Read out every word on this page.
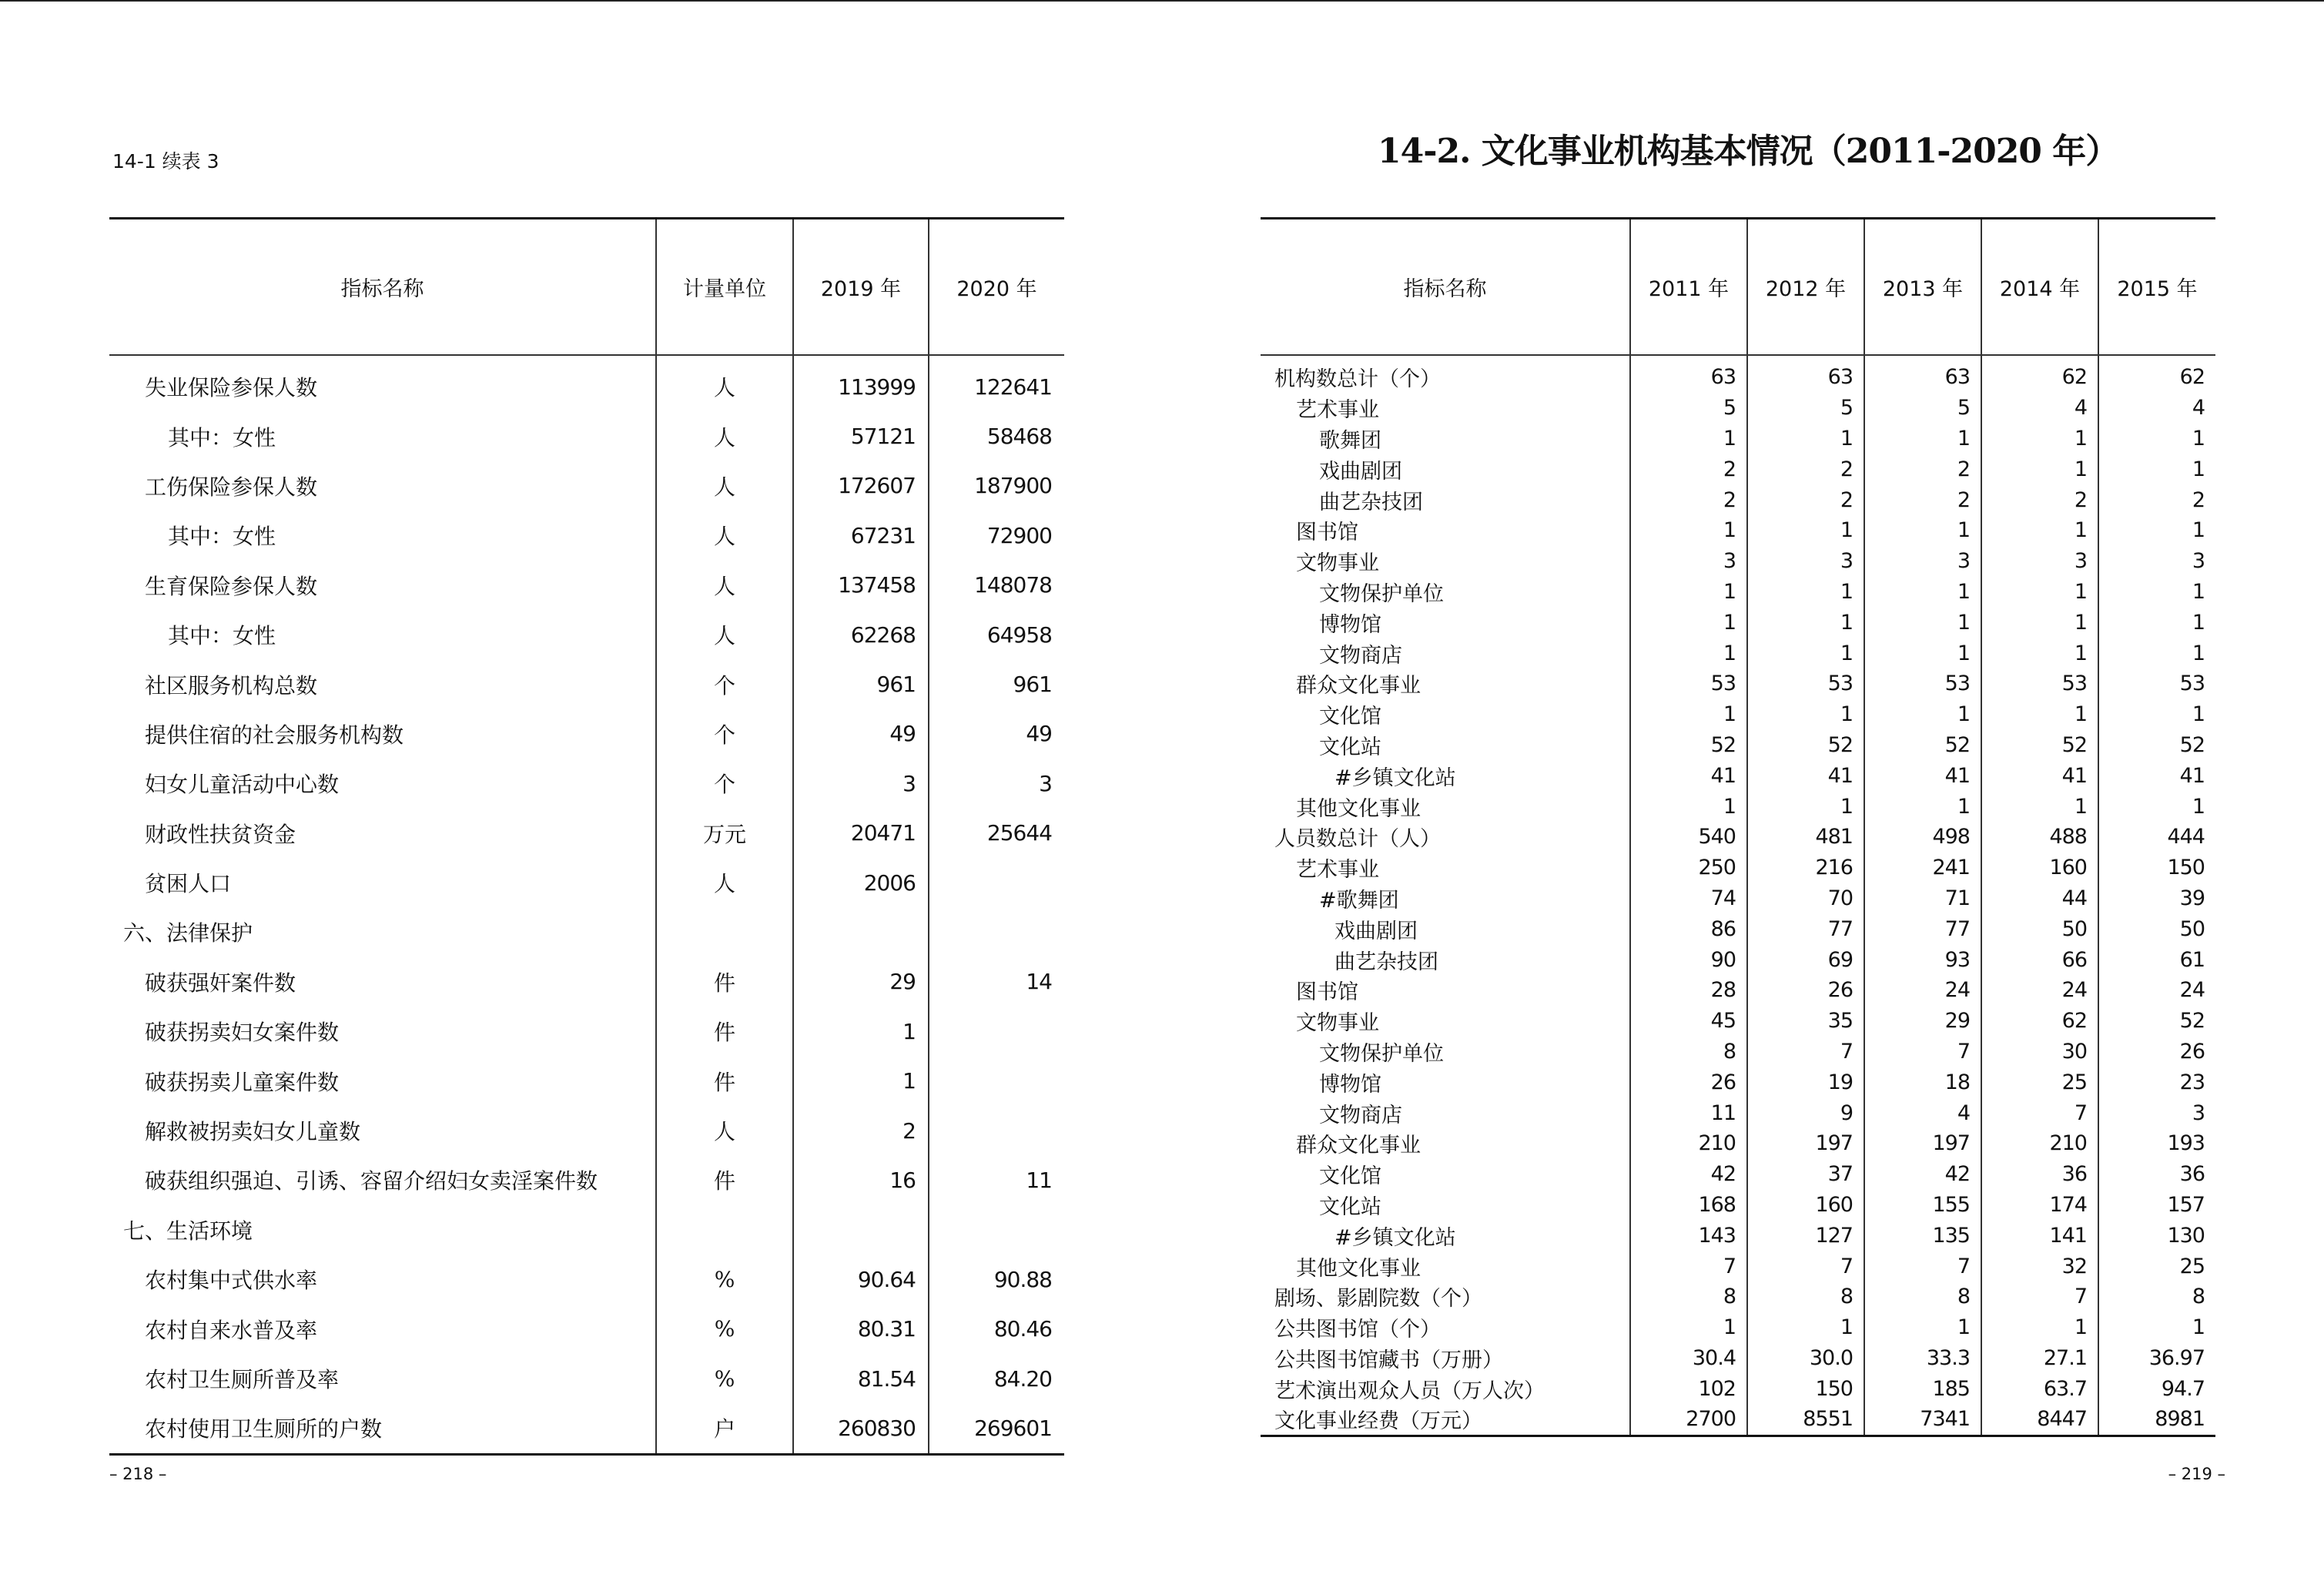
14-1 续表 3
指标名称	计量单位	2019 年	2020 年
失业保险参保人数	人	113999	122641
其中：女性	人	57121	58468
工伤保险参保人数	人	172607	187900
其中：女性	人	67231	72900
生育保险参保人数	人	137458	148078
其中：女性	人	62268	64958
社区服务机构总数	个	961	961
提供住宿的社会服务机构数	个	49	49
妇女儿童活动中心数	个	3	3
财政性扶贫资金	万元	20471	25644
贫困人口	人	2006	
六、法律保护			
破获强奸案件数	件	29	14
破获拐卖妇女案件数	件	1	
破获拐卖儿童案件数	件	1	
解救被拐卖妇女儿童数	人	2	
破获组织强迫、引诱、容留介绍妇女卖淫案件数	件	16	11
七、生活环境			
农村集中式供水率	%	90.64	90.88
农村自来水普及率	%	80.31	80.46
农村卫生厕所普及率	%	81.54	84.20
农村使用卫生厕所的户数	户	260830	269601
– 218 –
14-2. 文化事业机构基本情况（2011-2020 年）
指标名称	2011 年	2012 年	2013 年	2014 年	2015 年
机构数总计（个）	63	63	63	62	62
艺术事业	5	5	5	4	4
歌舞团	1	1	1	1	1
戏曲剧团	2	2	2	1	1
曲艺杂技团	2	2	2	2	2
图书馆	1	1	1	1	1
文物事业	3	3	3	3	3
文物保护单位	1	1	1	1	1
博物馆	1	1	1	1	1
文物商店	1	1	1	1	1
群众文化事业	53	53	53	53	53
文化馆	1	1	1	1	1
文化站	52	52	52	52	52
#乡镇文化站	41	41	41	41	41
其他文化事业	1	1	1	1	1
人员数总计（人）	540	481	498	488	444
艺术事业	250	216	241	160	150
#歌舞团	74	70	71	44	39
戏曲剧团	86	77	77	50	50
曲艺杂技团	90	69	93	66	61
图书馆	28	26	24	24	24
文物事业	45	35	29	62	52
文物保护单位	8	7	7	30	26
博物馆	26	19	18	25	23
文物商店	11	9	4	7	3
群众文化事业	210	197	197	210	193
文化馆	42	37	42	36	36
文化站	168	160	155	174	157
#乡镇文化站	143	127	135	141	130
其他文化事业	7	7	7	32	25
剧场、影剧院数（个）	8	8	8	7	8
公共图书馆（个）	1	1	1	1	1
公共图书馆藏书（万册）	30.4	30.0	33.3	27.1	36.97
艺术演出观众人员（万人次）	102	150	185	63.7	94.7
文化事业经费（万元）	2700	8551	7341	8447	8981
– 219 –
